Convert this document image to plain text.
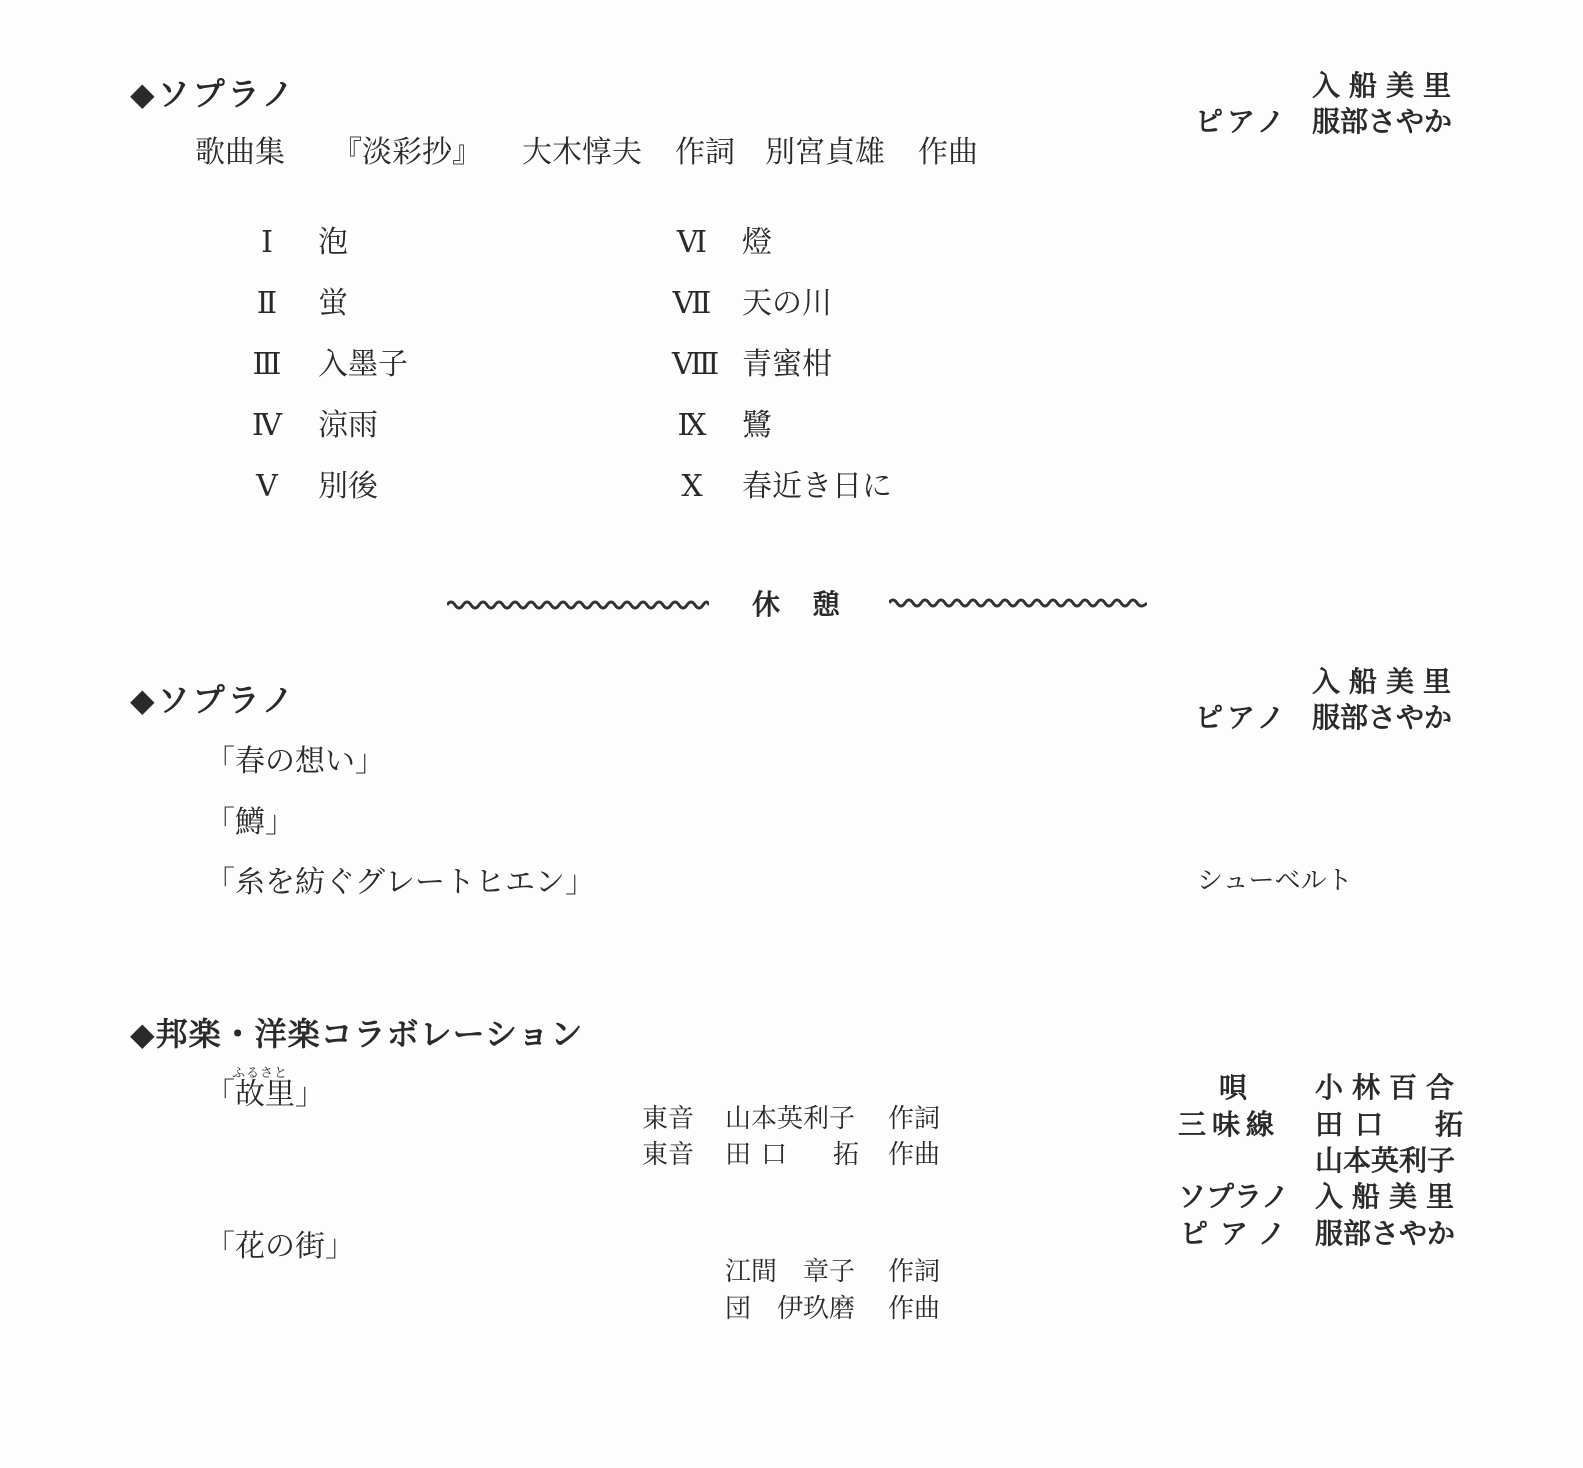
◆ソプラノ	入船美里
ピアノ 服部さやか
歌曲集 『淡彩抄』 大木惇夫 作詞 別宮貞雄 作曲
Ⅰ	泡
Ⅱ 蛍
Ⅲ 入墨子
Ⅳ 涼雨
Ⅴ 別後
Ⅵ 燈
Ⅶ 天の川
Ⅷ 青蜜柑
Ⅸ 鷺
Ⅹ	春近き日に
休　憩
◆ソプラノ	入船美里
ピアノ 服部さやか
「春の想い」
「鱒」
「糸を紡ぐグレートヒエン」	シューベルト
◆邦楽・洋楽コラボレーション
ふるさと
「故里」
東音 山本英利子 作詞
東音 田口　拓 作曲
「花の街」
江間　章子 作詞
団　伊玖磨 作曲
唄	小林百合
三味線 田口　拓
山本英利子
ソプラノ 入船美里
ピアノ 服部さやか
